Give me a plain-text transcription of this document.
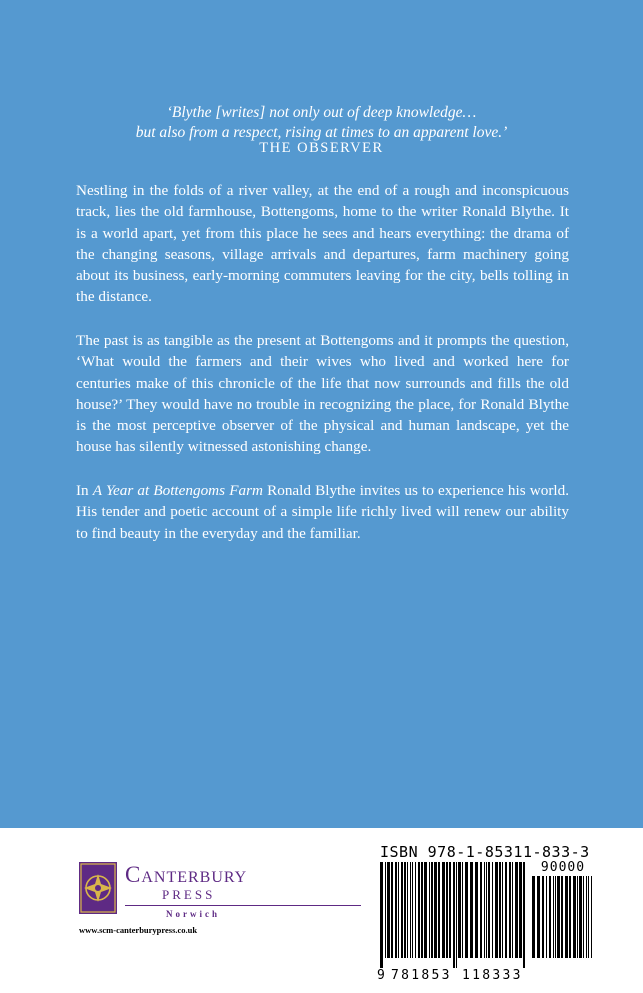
‘Blythe [writes] not only out of deep knowledge…
but also from a respect, rising at times to an apparent love.’
THE OBSERVER

Nestling in the folds of a river valley, at the end of a rough and inconspicuous track, lies the old farmhouse, Bottengoms, home to the writer Ronald Blythe. It is a world apart, yet from this place he sees and hears everything: the drama of the changing seasons, village arrivals and departures, farm machinery going about its business, early-morning commuters leaving for the city, bells tolling in the distance.

The past is as tangible as the present at Bottengoms and it prompts the question, ‘What would the farmers and their wives who lived and worked here for centuries make of this chronicle of the life that now surrounds and fills the old house?’ They would have no trouble in recognizing the place, for Ronald Blythe is the most perceptive observer of the physical and human landscape, yet the house has silently witnessed astonishing change.

In A Year at Bottengoms Farm Ronald Blythe invites us to experience his world. His tender and poetic account of a simple life richly lived will renew our ability to find beauty in the everyday and the familiar.

Canterbury
PRESS
Norwich
www.scm-canterburypress.co.uk
ISBN 978-1-85311-833-3
90000
9 781853 118333
